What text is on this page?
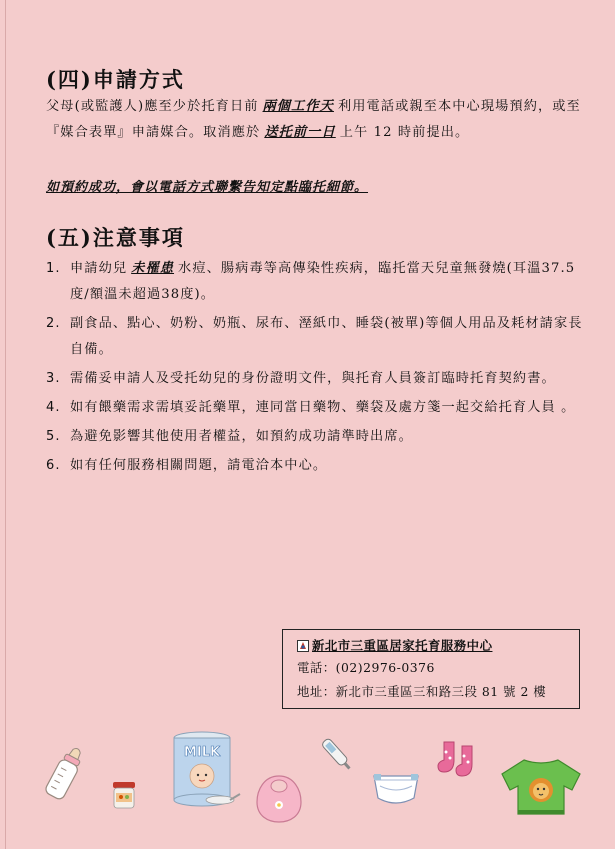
(四)申請方式

父母(或監護人)應至少於托育日前 兩個工作天 利用電話或親至本中心現場預約，或至『媒合表單』申請媒合。取消應於 送托前一日 上午 12 時前提出。

如預約成功，會以電話方式聯繫告知定點臨托細節。

(五)注意事項
1. 申請幼兒 未罹患 水痘、腸病毒等高傳染性疾病，臨托當天兒童無發燒(耳溫37.5度/額溫未超過38度)。
2. 副食品、點心、奶粉、奶瓶、尿布、溼紙巾、睡袋(被單)等個人用品及耗材請家長自備。
3. 需備妥申請人及受托幼兒的身份證明文件，與托育人員簽訂臨時托育契約書。
4. 如有餵藥需求需填妥託藥單，連同當日藥物、藥袋及處方箋一起交給托育人員 。
5. 為避免影響其他使用者權益，如預約成功請準時出席。
6. 如有任何服務相關問題，請電洽本中心。
新北市三重區居家托育服務中心
電話：(02)2976-0376
地址：新北市三重區三和路三段 81 號 2 樓
MILK
